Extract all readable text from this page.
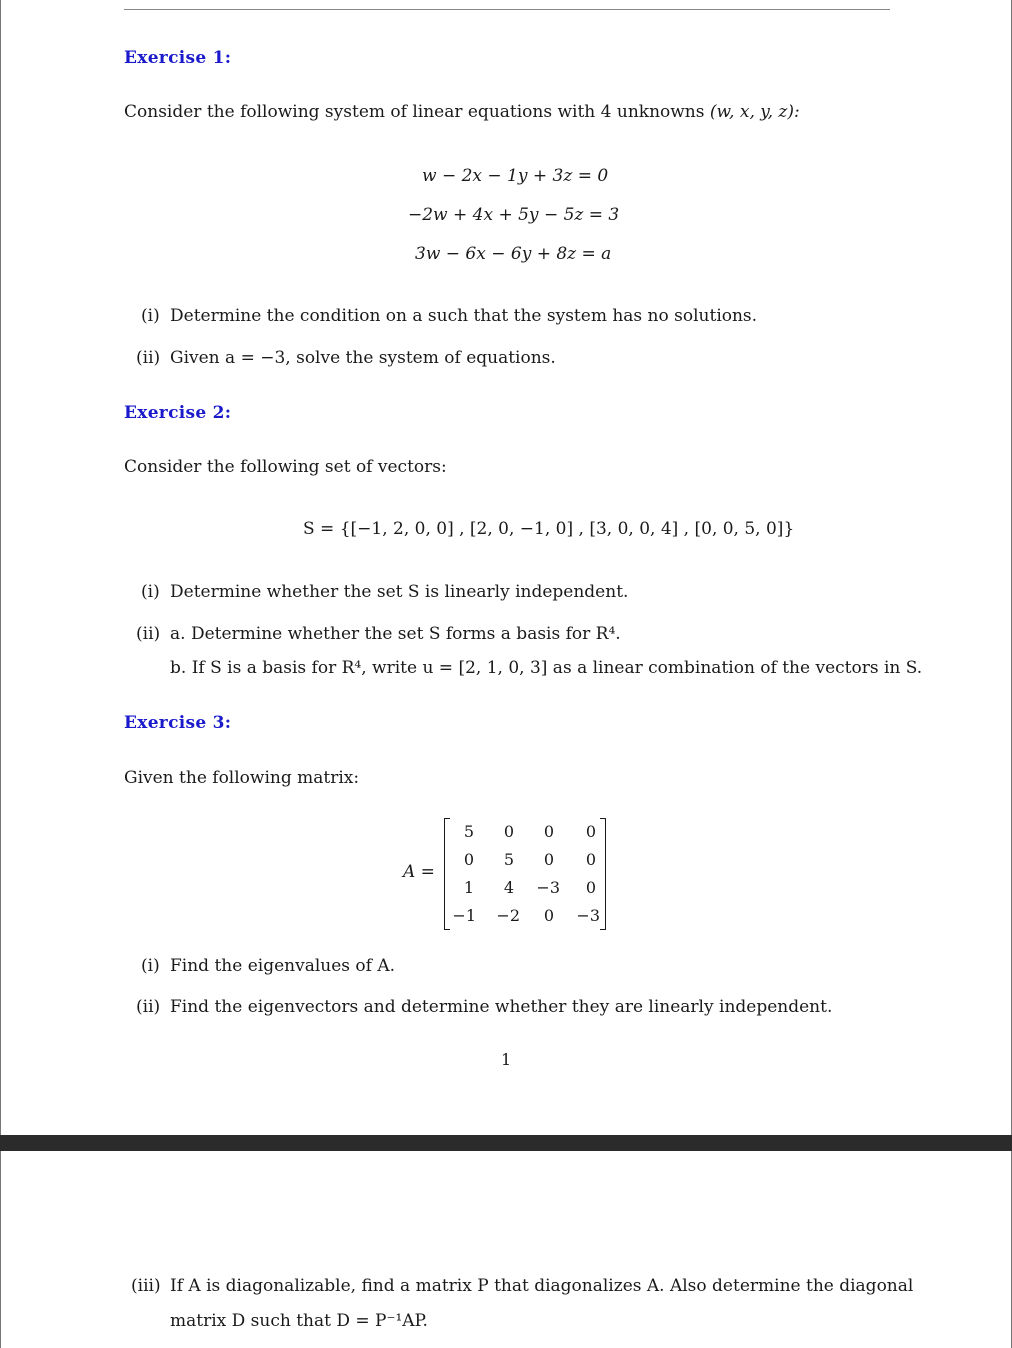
Exercise 1:
Consider the following system of linear equations with 4 unknowns (w, x, y, z):
w − 2x − 1y + 3z = 0
−2w + 4x + 5y − 5z = 3
3w − 6x − 6y + 8z = a
(i) Determine the condition on a such that the system has no solutions.
(ii) Given a = −3, solve the system of equations.
Exercise 2:
Consider the following set of vectors:
S = {[−1, 2, 0, 0] , [2, 0, −1, 0] , [3, 0, 0, 4] , [0, 0, 5, 0]}
(i) Determine whether the set S is linearly independent.
(ii) a. Determine whether the set S forms a basis for R⁴.
b. If S is a basis for R⁴, write u = [2, 1, 0, 3] as a linear combination of the vectors in S.
Exercise 3:
Given the following matrix:
A =
5	0	0	0
0	5	0	0
1	4	−3	0
−1	−2	0	−3
(i) Find the eigenvalues of A.
(ii) Find the eigenvectors and determine whether they are linearly independent.
1
(iii) If A is diagonalizable, find a matrix P that diagonalizes A. Also determine the diagonal
matrix D such that D = P⁻¹AP.
